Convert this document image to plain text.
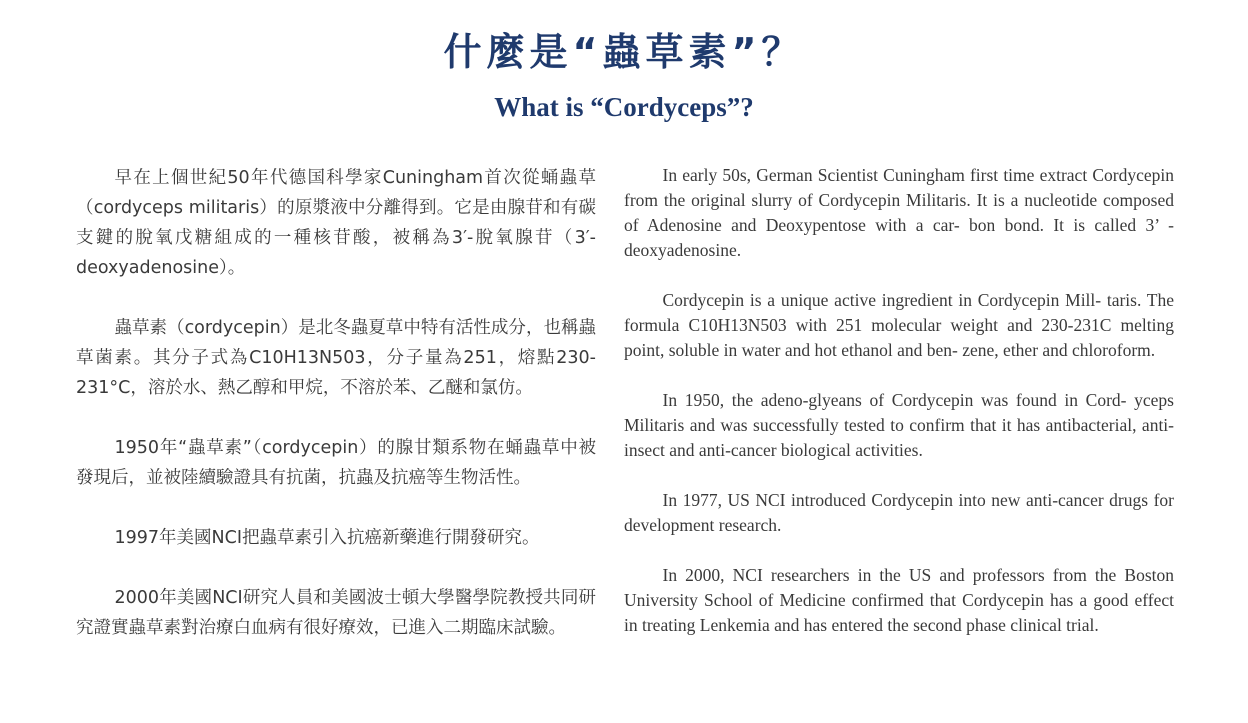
什麼是“蟲草素”？
What is “Cordyceps”?

早在上個世紀50年代德国科學家Cuningham首次從蛹蟲草（cordyceps militaris）的原漿液中分離得到。它是由腺苷和有碳支鍵的脫氧戊糖組成的一種核苷酸，被稱為3′-脫氧腺苷（3′-deoxyadenosine）。

蟲草素（cordycepin）是北冬蟲夏草中特有活性成分，也稱蟲草菌素。其分子式為C10H13N503，分子量為251，熔點230-231°C，溶於水、熱乙醇和甲烷，不溶於苯、乙醚和氯仿。

1950年“蟲草素”（cordycepin）的腺甘類系物在蛹蟲草中被發現后，並被陸續驗證具有抗菌，抗蟲及抗癌等生物活性。

1997年美國NCI把蟲草素引入抗癌新藥進行開發研究。

2000年美國NCI研究人員和美國波士頓大學醫學院教授共同研究證實蟲草素對治療白血病有很好療效，已進入二期臨床試驗。

In early 50s, German Scientist Cuningham first time extract Cordycepin from the original slurry of Cordycepin Militaris. It is a nucleotide composed of Adenosine and Deoxypentose with a car- bon bond. It is called 3’ -deoxyadenosine.

Cordycepin is a unique active ingredient in Cordycepin Mill- taris. The formula C10H13N503 with 251 molecular weight and 230-231C melting point, soluble in water and hot ethanol and ben- zene, ether and chloroform.

In 1950, the adeno-glyeans of Cordycepin was found in Cord- yceps Militaris and was successfully tested to confirm that it has antibacterial, anti-insect and anti-cancer biological activities.

In 1977, US NCI introduced Cordycepin into new anti-cancer drugs for development research.

In 2000, NCI researchers in the US and professors from the Boston University School of Medicine confirmed that Cordycepin has a good effect in treating Lenkemia and has entered the second phase clinical trial.
